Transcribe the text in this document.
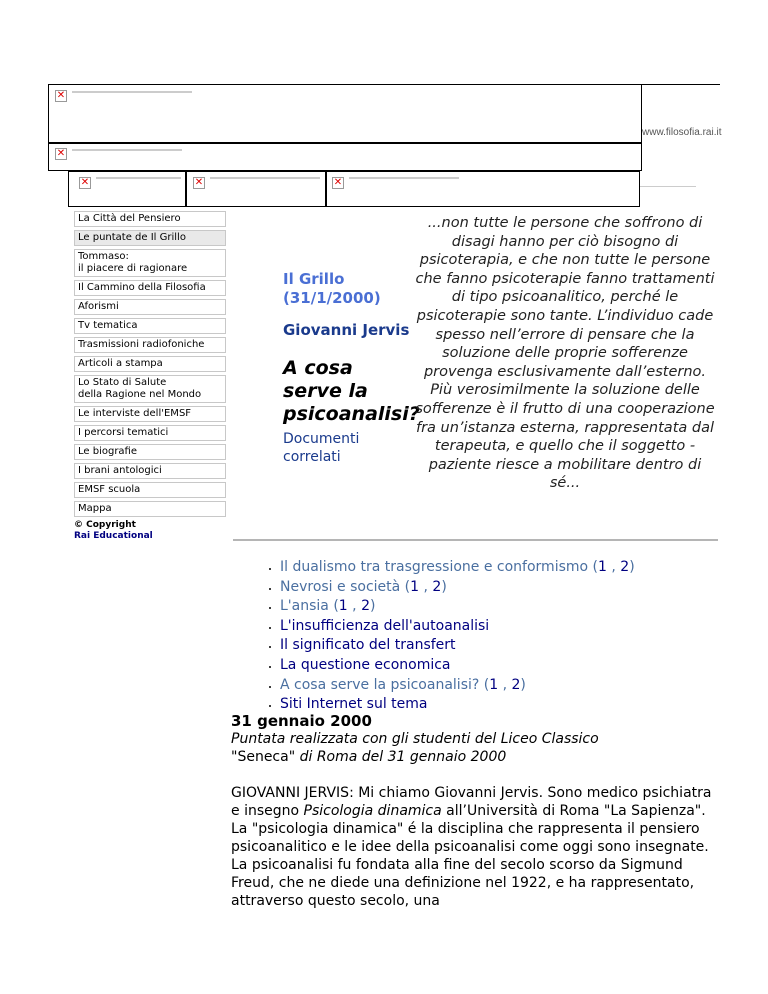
✕
www.filosofia.rai.it
✕
✕	✕	✕
La Città del Pensiero
Le puntate de Il Grillo
Tommaso:
il piacere di ragionare
Il Cammino della Filosofia
Aforismi
Tv tematica
Trasmissioni radiofoniche
Articoli a stampa
Lo Stato di Salute
della Ragione nel Mondo
Le interviste dell'EMSF
I percorsi tematici
Le biografie
I brani antologici
EMSF scuola
Mappa
© Copyright
Rai Educational
Il Grillo (31/1/2000)
Giovanni Jervis
A cosa serve la psicoanalisi?
Documenti correlati
...non tutte le persone che soffrono di disagi hanno per ciò bisogno di psicoterapia, e che non tutte le persone che fanno psicoterapie fanno trattamenti di tipo psicoanalitico, perché le psicoterapie sono tante. L’individuo cade spesso nell’errore di pensare che la soluzione delle proprie sofferenze provenga esclusivamente dall’esterno. Più verosimilmente la soluzione delle sofferenze è il frutto di una cooperazione fra un’istanza esterna, rappresentata dal terapeuta, e quello che il soggetto - paziente riesce a mobilitare dentro di sé...
• Il dualismo tra trasgressione e conformismo (1 , 2)
• Nevrosi e società (1 , 2)
• L'ansia (1 , 2)
• L'insufficienza dell'autoanalisi
• Il significato del transfert
• La questione economica
• A cosa serve la psicoanalisi? (1 , 2)
• Siti Internet sul tema
31 gennaio 2000

Puntata realizzata con gli studenti del Liceo Classico
"Seneca" di Roma del 31 gennaio 2000

GIOVANNI JERVIS: Mi chiamo Giovanni Jervis. Sono medico psichiatra e insegno Psicologia dinamica all’Università di Roma "La Sapienza". La "psicologia dinamica" é la disciplina che rappresenta il pensiero psicoanalitico e le idee della psicoanalisi come oggi sono insegnate. La psicoanalisi fu fondata alla fine del secolo scorso da Sigmund Freud, che ne diede una definizione nel 1922, e ha rappresentato, attraverso questo secolo, una
